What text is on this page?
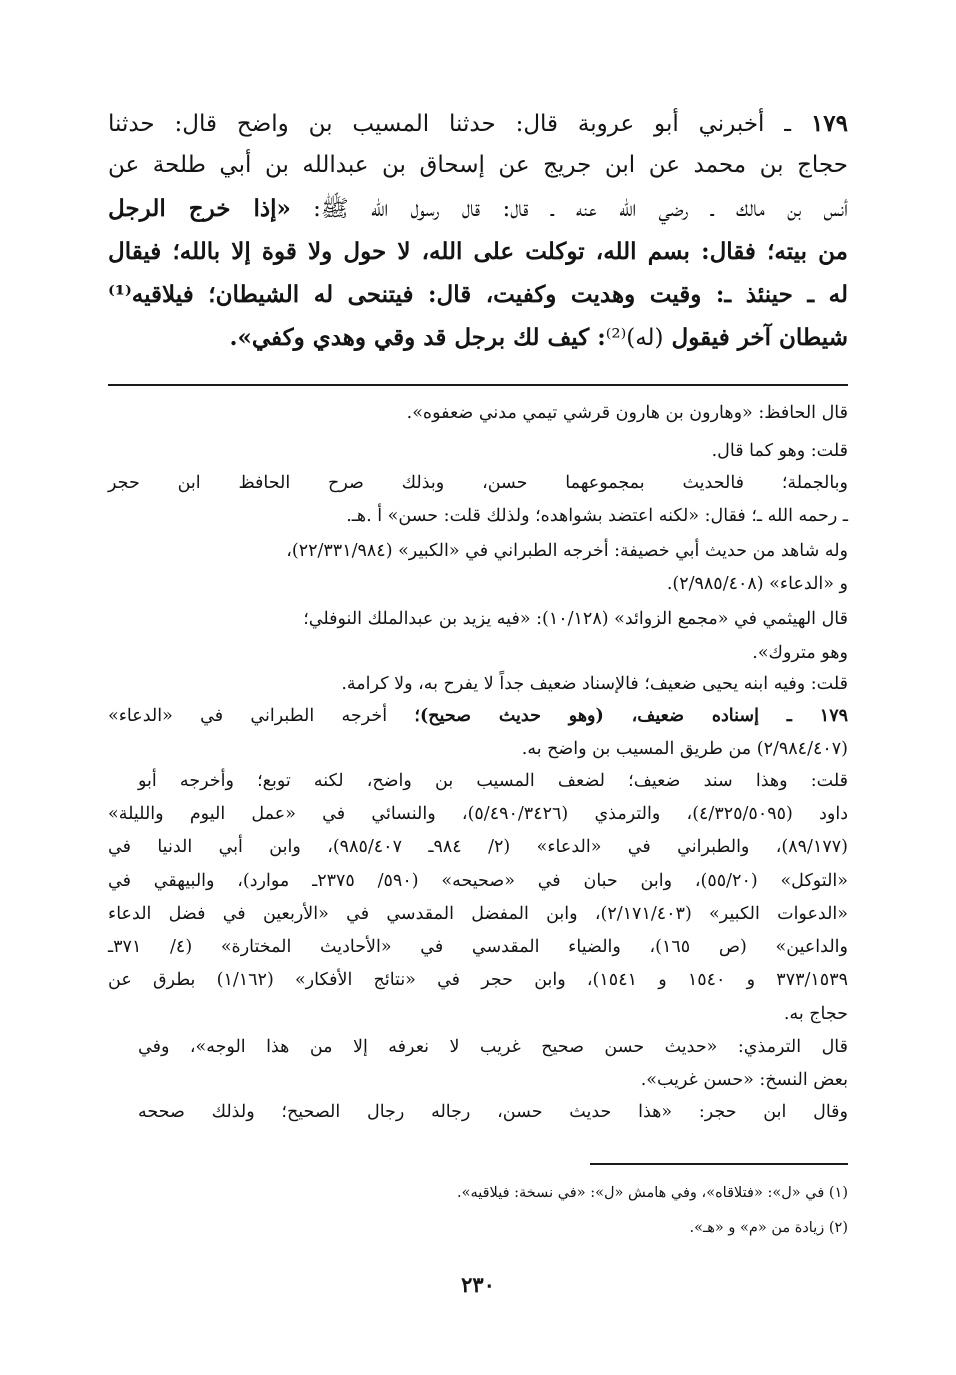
١٧٩ ـ أخبرني أبو عروبة قال: حدثنا المسيب بن واضح قال: حدثنا

حجاج بن محمد عن ابن جريج عن إسحاق بن عبدالله بن أبي طلحة عن

أنس بن مالك ـ رضي الله عنه ـ قال: قال رسول الله ﷺ: «إذا خرج الرجل

من بيته؛ فقال: بسم الله، توكلت على الله، لا حول ولا قوة إلا بالله؛ فيقال

له ـ حينئذ ـ: وقيت وهديت وكفيت، قال: فيتنحى له الشيطان؛ فيلاقيه⁽¹⁾

شيطان آخر فيقول (له)⁽²⁾: كيف لك برجل قد وقي وهدي وكفي».

قال الحافظ: «وهارون بن هارون قرشي تيمي مدني ضعفوه».

قلت: وهو كما قال.

وبالجملة؛ فالحديث بمجموعهما حسن، وبذلك صرح الحافظ ابن حجر

ـ رحمه الله ـ؛ فقال: «لكنه اعتضد بشواهده؛ ولذلك قلت: حسن» أ .هـ.

وله شاهد من حديث أبي خصيفة: أخرجه الطبراني في «الكبير» (٢٢/٣٣١/٩٨٤)،

و «الدعاء» (٢/٩٨٥/٤٠٨).

قال الهيثمي في «مجمع الزوائد» (١٠/١٢٨): «فيه يزيد بن عبدالملك النوفلي؛

وهو متروك».

قلت: وفيه ابنه يحيى ضعيف؛ فالإسناد ضعيف جداً لا يفرح به، ولا كرامة.

١٧٩ ـ إسناده ضعيف، (وهو حديث صحيح)؛ أخرجه الطبراني في «الدعاء»

(٢/٩٨٤/٤٠٧) من طريق المسيب بن واضح به.

قلت: وهذا سند ضعيف؛ لضعف المسيب بن واضح، لكنه توبع؛ وأخرجه أبو

داود (٤/٣٢٥/٥٠٩٥)، والترمذي (٥/٤٩٠/٣٤٢٦)، والنسائي في «عمل اليوم والليلة»

(٨٩/١٧٧)، والطبراني في «الدعاء» (٢/ ٩٨٤ـ ٩٨٥/٤٠٧)، وابن أبي الدنيا في

«التوكل» (٥٥/٢٠)، وابن حبان في «صحيحه» (٥٩٠/ ٢٣٧٥ـ موارد)، والبيهقي في

«الدعوات الكبير» (٢/١٧١/٤٠٣)، وابن المفضل المقدسي في «الأربعين في فضل الدعاء

والداعين» (ص ١٦٥)، والضياء المقدسي في «الأحاديث المختارة» (٤/ ٣٧١ـ

٣٧٣/١٥٣٩ و ١٥٤٠ و ١٥٤١)، وابن حجر في «نتائج الأفكار» (١/١٦٢) بطرق عن

حجاج به.

قال الترمذي: «حديث حسن صحيح غريب لا نعرفه إلا من هذا الوجه»، وفي

بعض النسخ: «حسن غريب».

وقال ابن حجر: «هذا حديث حسن، رجاله رجال الصحيح؛ ولذلك صححه

(١) في «ل»: «فتلاقاه»، وفي هامش «ل»: «في نسخة: فيلاقيه».

(٢) زيادة من «م» و «هـ».

٢٣٠
